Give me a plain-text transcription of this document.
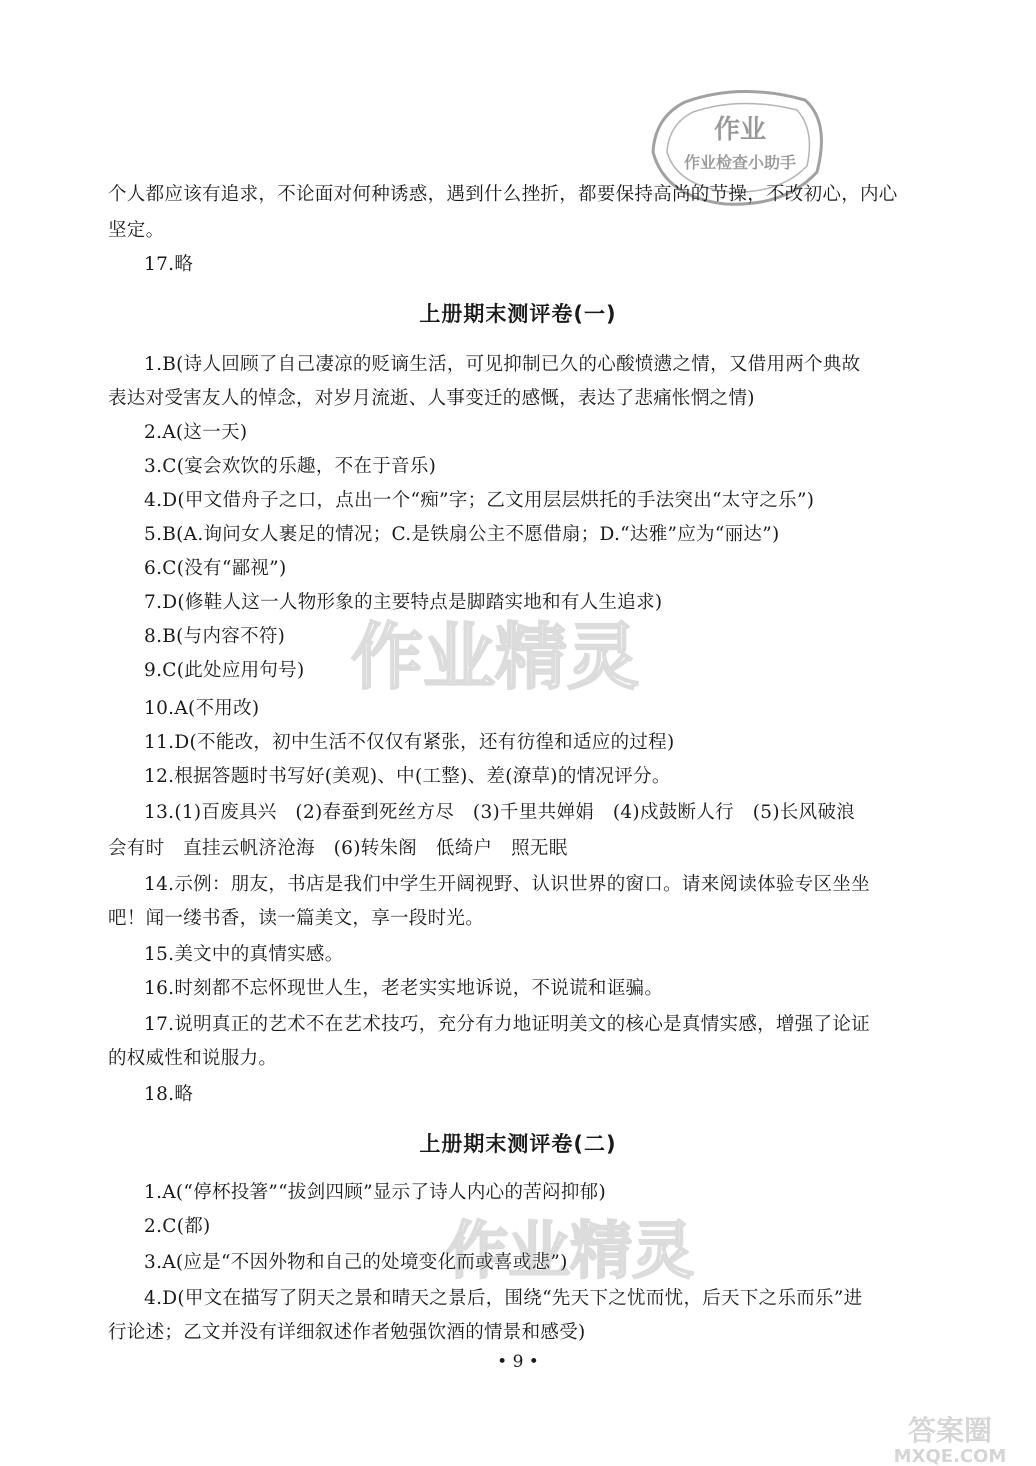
作业
作业检查小助手
个人都应该有追求，不论面对何种诱惑，遇到什么挫折，都要保持高尚的节操，不改初心，内心
坚定。
17.略
上册期末测评卷(一)
1.B(诗人回顾了自己凄凉的贬谪生活，可见抑制已久的心酸愤懑之情，又借用两个典故
表达对受害友人的悼念，对岁月流逝、人事变迁的感慨，表达了悲痛怅惘之情)
2.A(这一天)
3.C(宴会欢饮的乐趣，不在于音乐)
4.D(甲文借舟子之口，点出一个“痴”字；乙文用层层烘托的手法突出“太守之乐”)
5.B(A.询问女人裹足的情况；C.是铁扇公主不愿借扇；D.“达雅”应为“丽达”)
6.C(没有“鄙视”)
7.D(修鞋人这一人物形象的主要特点是脚踏实地和有人生追求)
8.B(与内容不符)
9.C(此处应用句号)
10.A(不用改)
11.D(不能改，初中生活不仅仅有紧张，还有彷徨和适应的过程)
12.根据答题时书写好(美观)、中(工整)、差(潦草)的情况评分。
13.(1)百废具兴　(2)春蚕到死丝方尽　(3)千里共婵娟　(4)戍鼓断人行　(5)长风破浪
会有时　直挂云帆济沧海　(6)转朱阁　低绮户　照无眠
14.示例：朋友，书店是我们中学生开阔视野、认识世界的窗口。请来阅读体验专区坐坐
吧！闻一缕书香，读一篇美文，享一段时光。
15.美文中的真情实感。
16.时刻都不忘怀现世人生，老老实实地诉说，不说谎和诓骗。
17.说明真正的艺术不在艺术技巧，充分有力地证明美文的核心是真情实感，增强了论证
的权威性和说服力。
18.略
上册期末测评卷(二)
1.A(“停杯投箸”“拔剑四顾”显示了诗人内心的苦闷抑郁)
2.C(都)
3.A(应是“不因外物和自己的处境变化而或喜或悲”)
4.D(甲文在描写了阴天之景和晴天之景后，围绕“先天下之忧而忧，后天下之乐而乐”进
行论述；乙文并没有详细叙述作者勉强饮酒的情景和感受)
• 9 •
作业精灵
作业精灵
答案圈
MXQE.COM
